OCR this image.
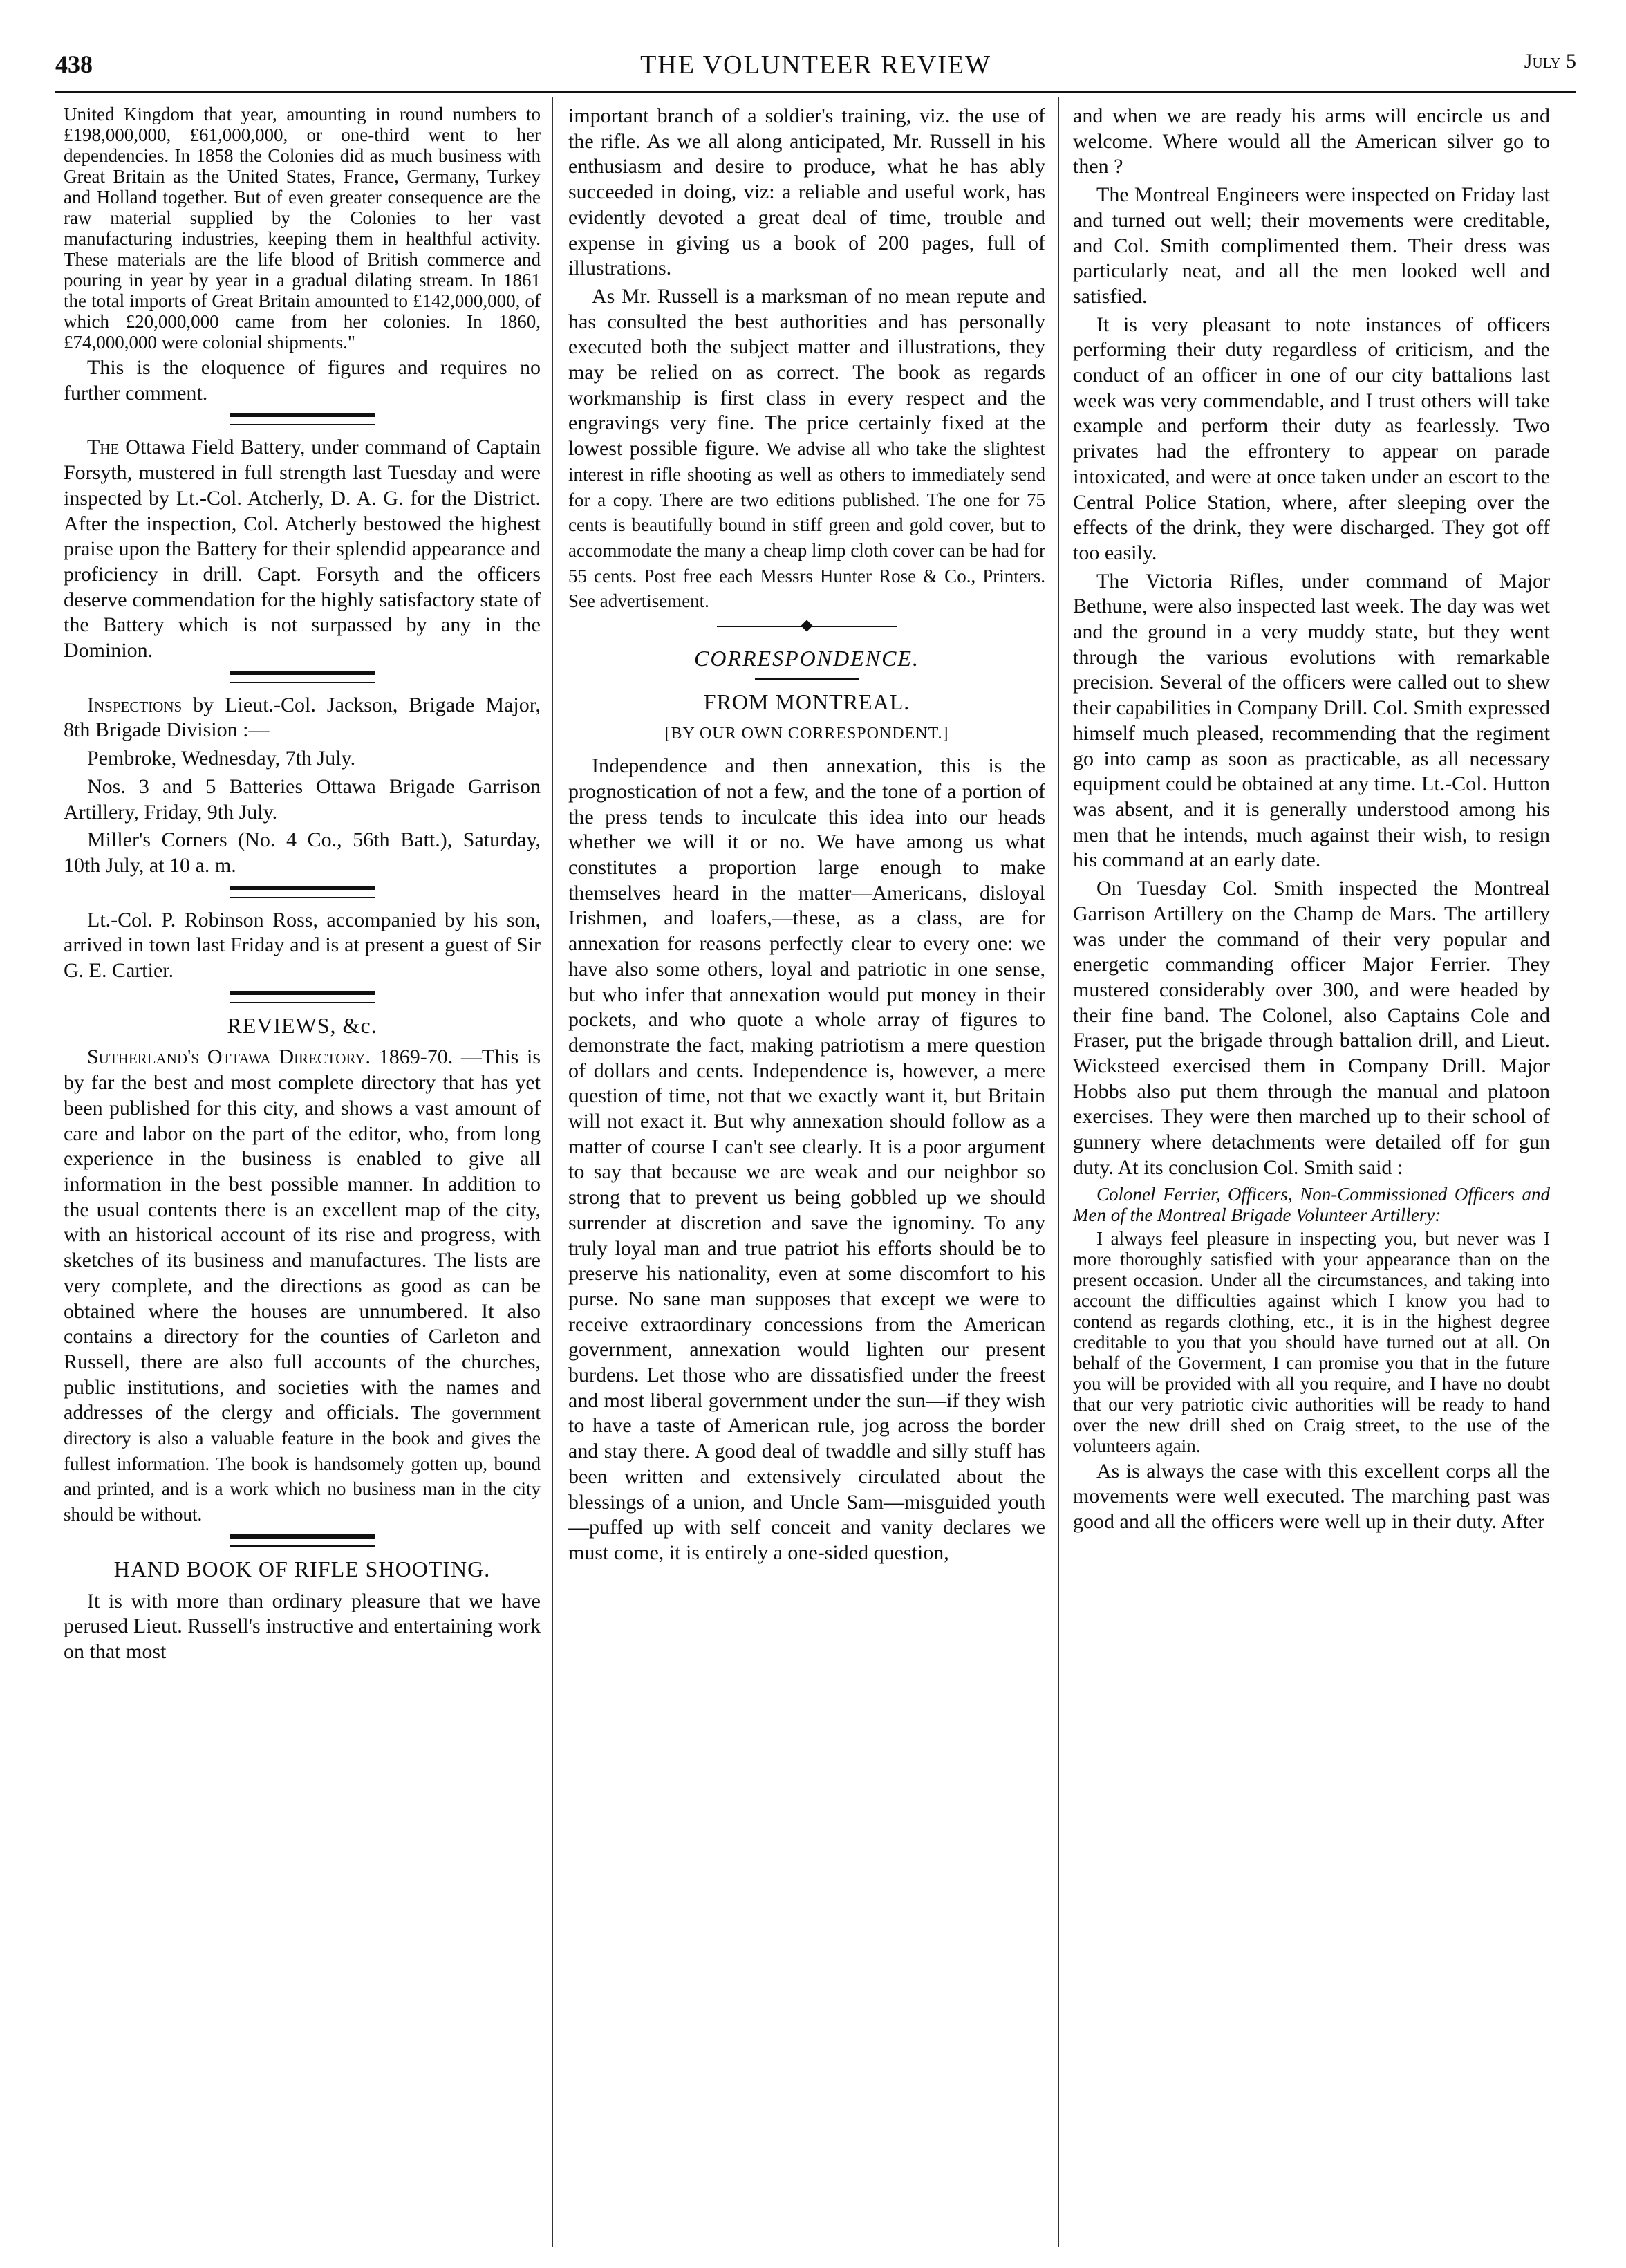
438	THE VOLUNTEER REVIEW	July 5

United Kingdom that year, amounting in round numbers to £198,000,000, £61,000,000, or one-third went to her dependencies. In 1858 the Colonies did as much business with Great Britain as the United States, France, Germany, Turkey and Holland together. But of even greater consequence are the raw material supplied by the Colonies to her vast manufacturing industries, keeping them in healthful activity. These materials are the life blood of British commerce and pouring in year by year in a gradual dilating stream. In 1861 the total imports of Great Britain amounted to £142,000,000, of which £20,000,000 came from her colonies. In 1860, £74,000,000 were colonial shipments."

This is the eloquence of figures and requires no further comment.

The Ottawa Field Battery, under command of Captain Forsyth, mustered in full strength last Tuesday and were inspected by Lt.-Col. Atcherly, D. A. G. for the District. After the inspection, Col. Atcherly bestowed the highest praise upon the Battery for their splendid appearance and proficiency in drill. Capt. Forsyth and the officers deserve commendation for the highly satisfactory state of the Battery which is not surpassed by any in the Dominion.

Inspections by Lieut.-Col. Jackson, Brigade Major, 8th Brigade Division :—

Pembroke, Wednesday, 7th July.

Nos. 3 and 5 Batteries Ottawa Brigade Garrison Artillery, Friday, 9th July.

Miller's Corners (No. 4 Co., 56th Batt.), Saturday, 10th July, at 10 a. m.

Lt.-Col. P. Robinson Ross, accompanied by his son, arrived in town last Friday and is at present a guest of Sir G. E. Cartier.

REVIEWS, &c.

Sutherland's Ottawa Directory. 1869-70. —This is by far the best and most complete directory that has yet been published for this city, and shows a vast amount of care and labor on the part of the editor, who, from long experience in the business is enabled to give all information in the best possible manner. In addition to the usual contents there is an excellent map of the city, with an historical account of its rise and progress, with sketches of its business and manufactures. The lists are very complete, and the directions as good as can be obtained where the houses are unnumbered. It also contains a directory for the counties of Carleton and Russell, there are also full accounts of the churches, public institutions, and societies with the names and addresses of the clergy and officials. The government directory is also a valuable feature in the book and gives the fullest information. The book is handsomely gotten up, bound and printed, and is a work which no business man in the city should be without.

HAND BOOK OF RIFLE SHOOTING.

It is with more than ordinary pleasure that we have perused Lieut. Russell's instructive and entertaining work on that most

important branch of a soldier's training, viz. the use of the rifle. As we all along anticipated, Mr. Russell in his enthusiasm and desire to produce, what he has ably succeeded in doing, viz: a reliable and useful work, has evidently devoted a great deal of time, trouble and expense in giving us a book of 200 pages, full of illustrations.

As Mr. Russell is a marksman of no mean repute and has consulted the best authorities and has personally executed both the subject matter and illustrations, they may be relied on as correct. The book as regards workmanship is first class in every respect and the engravings very fine. The price certainly fixed at the lowest possible figure. We advise all who take the slightest interest in rifle shooting as well as others to immediately send for a copy. There are two editions published. The one for 75 cents is beautifully bound in stiff green and gold cover, but to accommodate the many a cheap limp cloth cover can be had for 55 cents. Post free each Messrs Hunter Rose & Co., Printers. See advertisement.

CORRESPONDENCE.
FROM MONTREAL.
[BY OUR OWN CORRESPONDENT.]

Independence and then annexation, this is the prognostication of not a few, and the tone of a portion of the press tends to inculcate this idea into our heads whether we will it or no. We have among us what constitutes a proportion large enough to make themselves heard in the matter—Americans, disloyal Irishmen, and loafers,—these, as a class, are for annexation for reasons perfectly clear to every one: we have also some others, loyal and patriotic in one sense, but who infer that annexation would put money in their pockets, and who quote a whole array of figures to demonstrate the fact, making patriotism a mere question of dollars and cents. Independence is, however, a mere question of time, not that we exactly want it, but Britain will not exact it. But why annexation should follow as a matter of course I can't see clearly. It is a poor argument to say that because we are weak and our neighbor so strong that to prevent us being gobbled up we should surrender at discretion and save the ignominy. To any truly loyal man and true patriot his efforts should be to preserve his nationality, even at some discomfort to his purse. No sane man supposes that except we were to receive extraordinary concessions from the American government, annexation would lighten our present burdens. Let those who are dissatisfied under the freest and most liberal government under the sun—if they wish to have a taste of American rule, jog across the border and stay there. A good deal of twaddle and silly stuff has been written and extensively circulated about the blessings of a union, and Uncle Sam—misguided youth—puffed up with self conceit and vanity declares we must come, it is entirely a one-sided question,

and when we are ready his arms will encircle us and welcome. Where would all the American silver go to then ?

The Montreal Engineers were inspected on Friday last and turned out well; their movements were creditable, and Col. Smith complimented them. Their dress was particularly neat, and all the men looked well and satisfied.

It is very pleasant to note instances of officers performing their duty regardless of criticism, and the conduct of an officer in one of our city battalions last week was very commendable, and I trust others will take example and perform their duty as fearlessly. Two privates had the effrontery to appear on parade intoxicated, and were at once taken under an escort to the Central Police Station, where, after sleeping over the effects of the drink, they were discharged. They got off too easily.

The Victoria Rifles, under command of Major Bethune, were also inspected last week. The day was wet and the ground in a very muddy state, but they went through the various evolutions with remarkable precision. Several of the officers were called out to shew their capabilities in Company Drill. Col. Smith expressed himself much pleased, recommending that the regiment go into camp as soon as practicable, as all necessary equipment could be obtained at any time. Lt.-Col. Hutton was absent, and it is generally understood among his men that he intends, much against their wish, to resign his command at an early date.

On Tuesday Col. Smith inspected the Montreal Garrison Artillery on the Champ de Mars. The artillery was under the command of their very popular and energetic commanding officer Major Ferrier. They mustered considerably over 300, and were headed by their fine band. The Colonel, also Captains Cole and Fraser, put the brigade through battalion drill, and Lieut. Wicksteed exercised them in Company Drill. Major Hobbs also put them through the manual and platoon exercises. They were then marched up to their school of gunnery where detachments were detailed off for gun duty. At its conclusion Col. Smith said :

Colonel Ferrier, Officers, Non-Commissioned Officers and Men of the Montreal Brigade Volunteer Artillery:

I always feel pleasure in inspecting you, but never was I more thoroughly satisfied with your appearance than on the present occasion. Under all the circumstances, and taking into account the difficulties against which I know you had to contend as regards clothing, etc., it is in the highest degree creditable to you that you should have turned out at all. On behalf of the Goverment, I can promise you that in the future you will be provided with all you require, and I have no doubt that our very patriotic civic authorities will be ready to hand over the new drill shed on Craig street, to the use of the volunteers again.

As is always the case with this excellent corps all the movements were well executed. The marching past was good and all the officers were well up in their duty. After
